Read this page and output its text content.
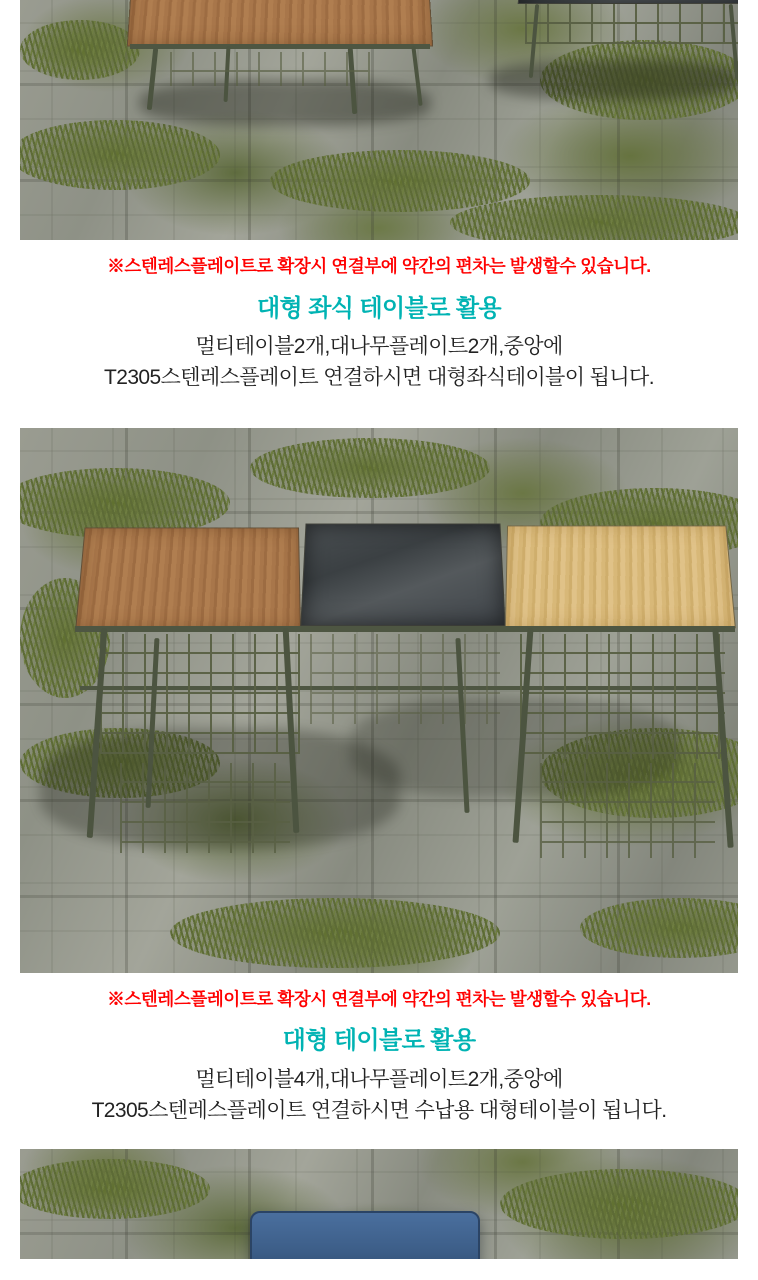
※스텐레스플레이트로 확장시 연결부에 약간의 편차는 발생할수 있습니다.
대형 좌식 테이블로 활용
멀티테이블2개,대나무플레이트2개,중앙에
T2305스텐레스플레이트 연결하시면 대형좌식테이블이 됩니다.
※스텐레스플레이트로 확장시 연결부에 약간의 편차는 발생할수 있습니다.
대형 테이블로 활용
멀티테이블4개,대나무플레이트2개,중앙에
T2305스텐레스플레이트 연결하시면 수납용 대형테이블이 됩니다.
